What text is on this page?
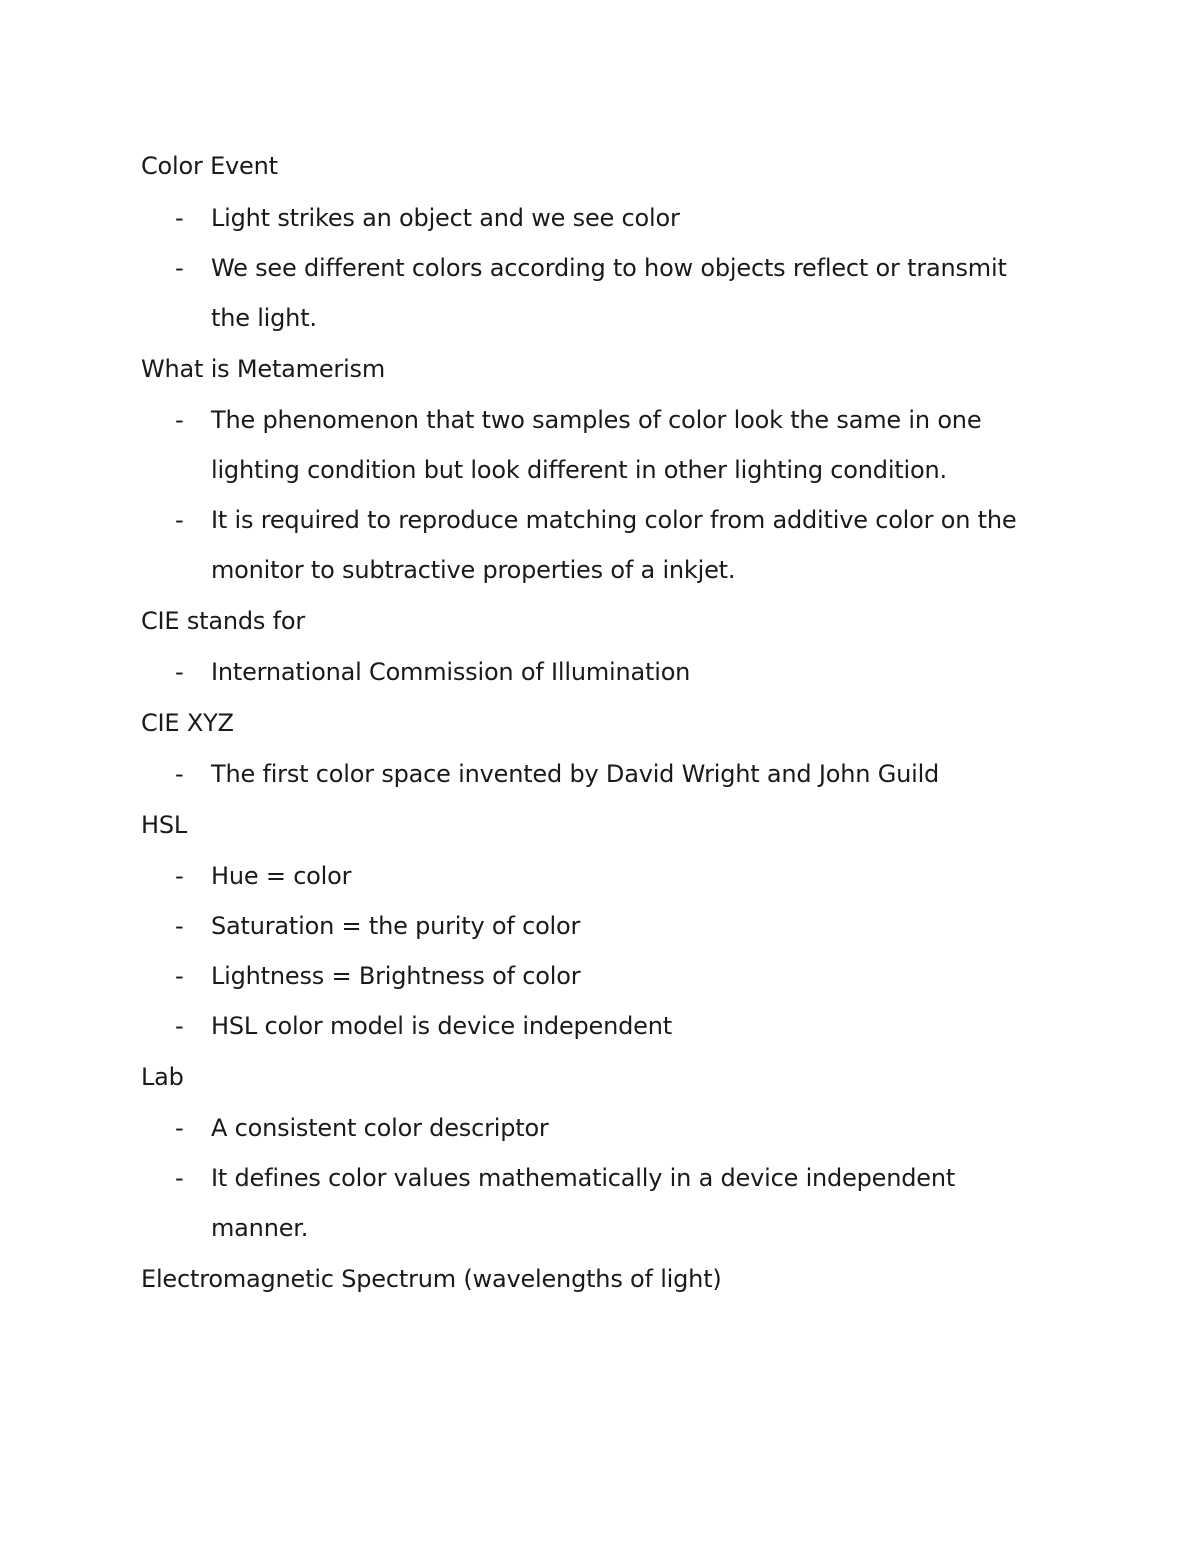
Color Event
- Light strikes an object and we see color
- We see different colors according to how objects reflect or transmit the light.
What is Metamerism
- The phenomenon that two samples of color look the same in one lighting condition but look different in other lighting condition.
- It is required to reproduce matching color from additive color on the monitor to subtractive properties of a inkjet.
CIE stands for
- International Commission of Illumination
CIE XYZ
- The first color space invented by David Wright and John Guild
HSL
- Hue = color
- Saturation = the purity of color
- Lightness = Brightness of color
- HSL color model is device independent
Lab
- A consistent color descriptor
- It defines color values mathematically in a device independent manner.
Electromagnetic Spectrum (wavelengths of light)
